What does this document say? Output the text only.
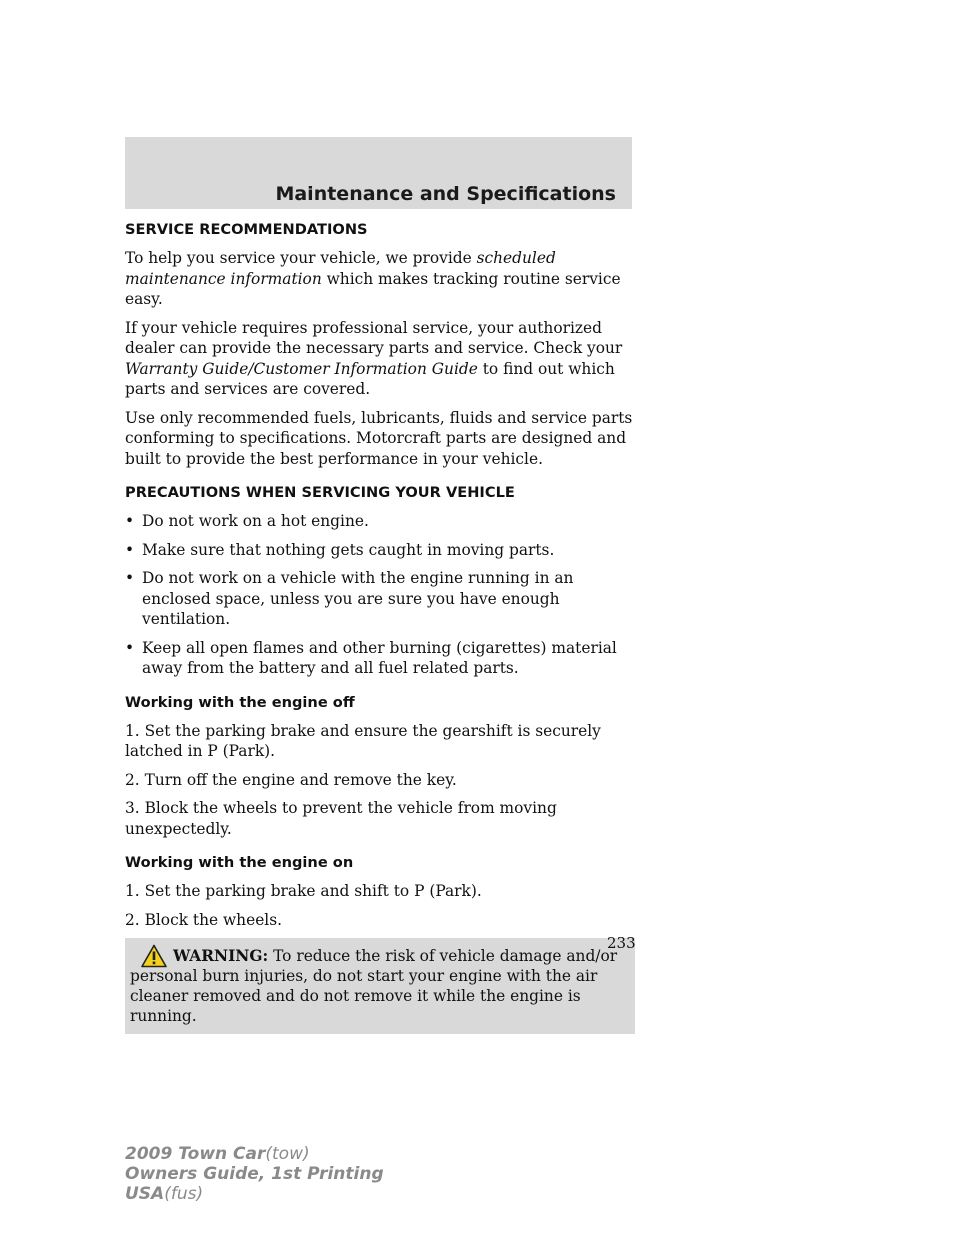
Maintenance and Specifications
SERVICE RECOMMENDATIONS

To help you service your vehicle, we provide scheduled maintenance information which makes tracking routine service easy.

If your vehicle requires professional service, your authorized dealer can provide the necessary parts and service. Check your Warranty Guide/Customer Information Guide to find out which parts and services are covered.

Use only recommended fuels, lubricants, fluids and service parts conforming to specifications. Motorcraft parts are designed and built to provide the best performance in your vehicle.

PRECAUTIONS WHEN SERVICING YOUR VEHICLE
• Do not work on a hot engine.
• Make sure that nothing gets caught in moving parts.
• Do not work on a vehicle with the engine running in an enclosed space, unless you are sure you have enough ventilation.
• Keep all open flames and other burning (cigarettes) material away from the battery and all fuel related parts.
Working with the engine off

1. Set the parking brake and ensure the gearshift is securely latched in P (Park).

2. Turn off the engine and remove the key.

3. Block the wheels to prevent the vehicle from moving unexpectedly.

Working with the engine on

1. Set the parking brake and shift to P (Park).

2. Block the wheels.

WARNING: To reduce the risk of vehicle damage and/or personal burn injuries, do not start your engine with the air cleaner removed and do not remove it while the engine is running.
233
2009 Town Car(tow)
Owners Guide, 1st Printing
USA(fus)
